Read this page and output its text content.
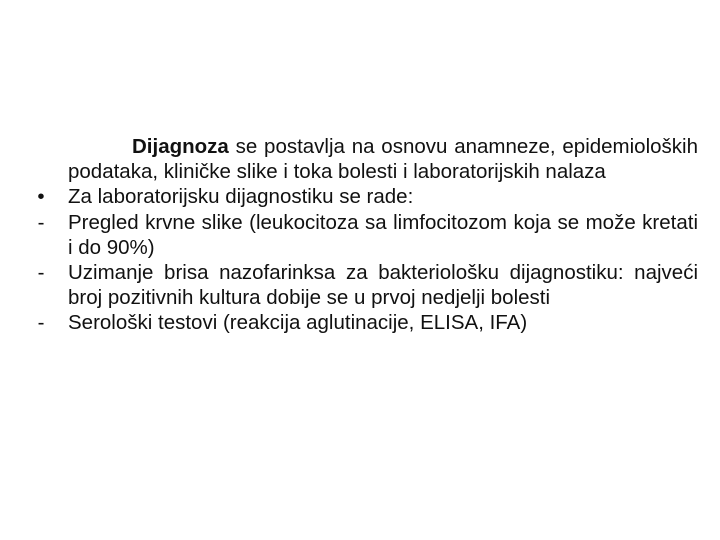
Dijagnoza se postavlja na osnovu anamneze, epidemioloških podataka, kliničke slike i toka bolesti i laboratorijskih nalaza

• Za laboratorijsku dijagnostiku se rade:
- Pregled krvne slike (leukocitoza sa limfocitozom koja se može kretati i do 90%)
- Uzimanje brisa nazofarinksa za bakteriološku dijagnostiku: najveći broj pozitivnih kultura dobije se u prvoj nedjelji bolesti
- Serološki testovi (reakcija aglutinacije, ELISA, IFA)
